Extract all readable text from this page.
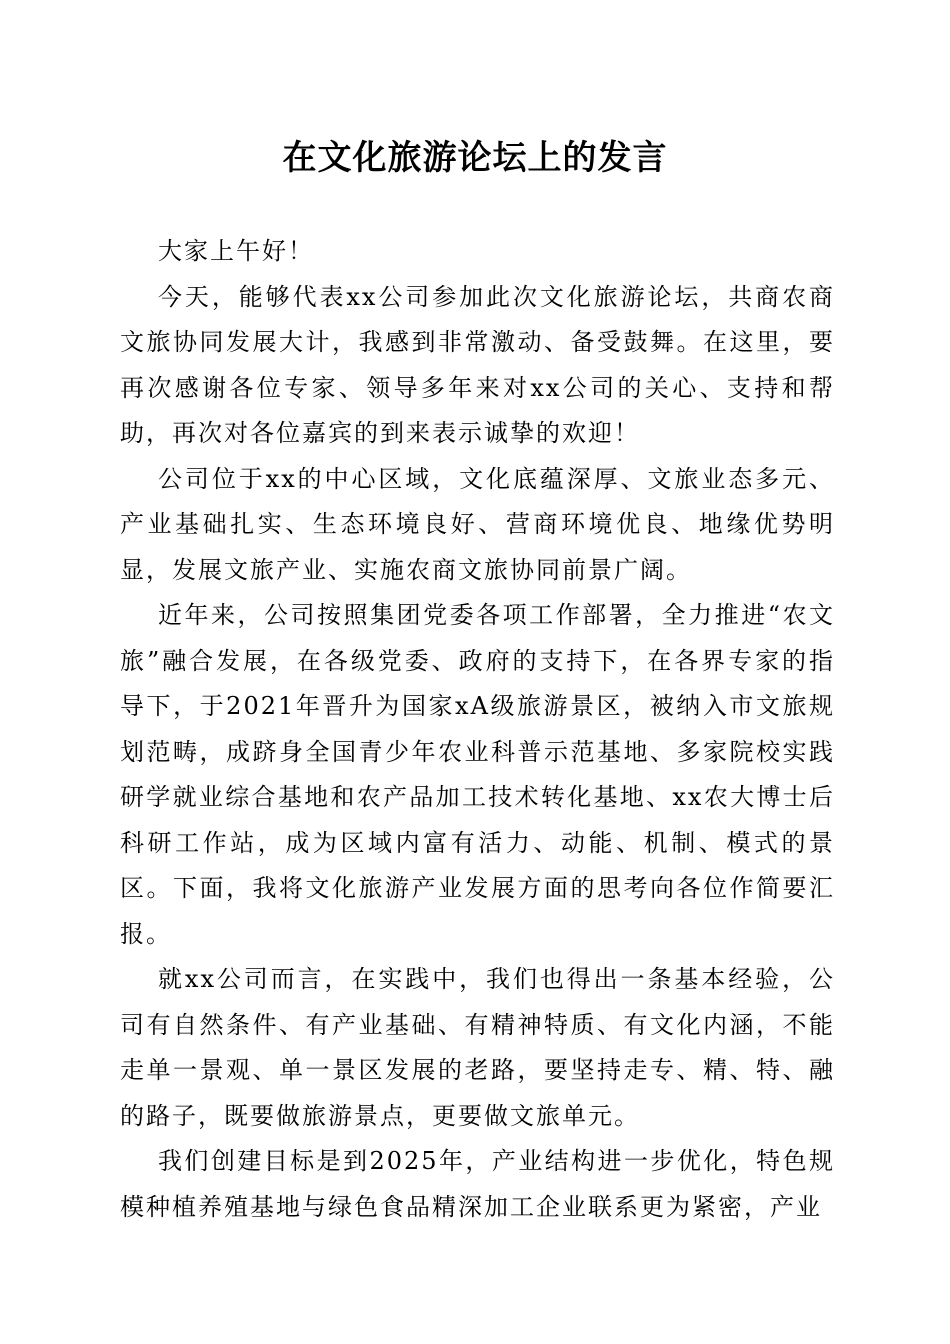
在文化旅游论坛上的发言

大家上午好！

今天，能够代表xx公司参加此次文化旅游论坛，共商农商文旅协同发展大计，我感到非常激动、备受鼓舞。在这里，要再次感谢各位专家、领导多年来对xx公司的关心、支持和帮助，再次对各位嘉宾的到来表示诚挚的欢迎！

公司位于xx的中心区域，文化底蕴深厚、文旅业态多元、产业基础扎实、生态环境良好、营商环境优良、地缘优势明显，发展文旅产业、实施农商文旅协同前景广阔。

近年来，公司按照集团党委各项工作部署，全力推进“农文旅”融合发展，在各级党委、政府的支持下，在各界专家的指导下，于2021年晋升为国家xA级旅游景区，被纳入市文旅规划范畴，成跻身全国青少年农业科普示范基地、多家院校实践研学就业综合基地和农产品加工技术转化基地、xx农大博士后科研工作站，成为区域内富有活力、动能、机制、模式的景区。下面，我将文化旅游产业发展方面的思考向各位作简要汇报。

就xx公司而言，在实践中，我们也得出一条基本经验，公司有自然条件、有产业基础、有精神特质、有文化内涵，不能走单一景观、单一景区发展的老路，要坚持走专、精、特、融的路子，既要做旅游景点，更要做文旅单元。

我们创建目标是到2025年，产业结构进一步优化，特色规模种植养殖基地与绿色食品精深加工企业联系更为紧密，产业
